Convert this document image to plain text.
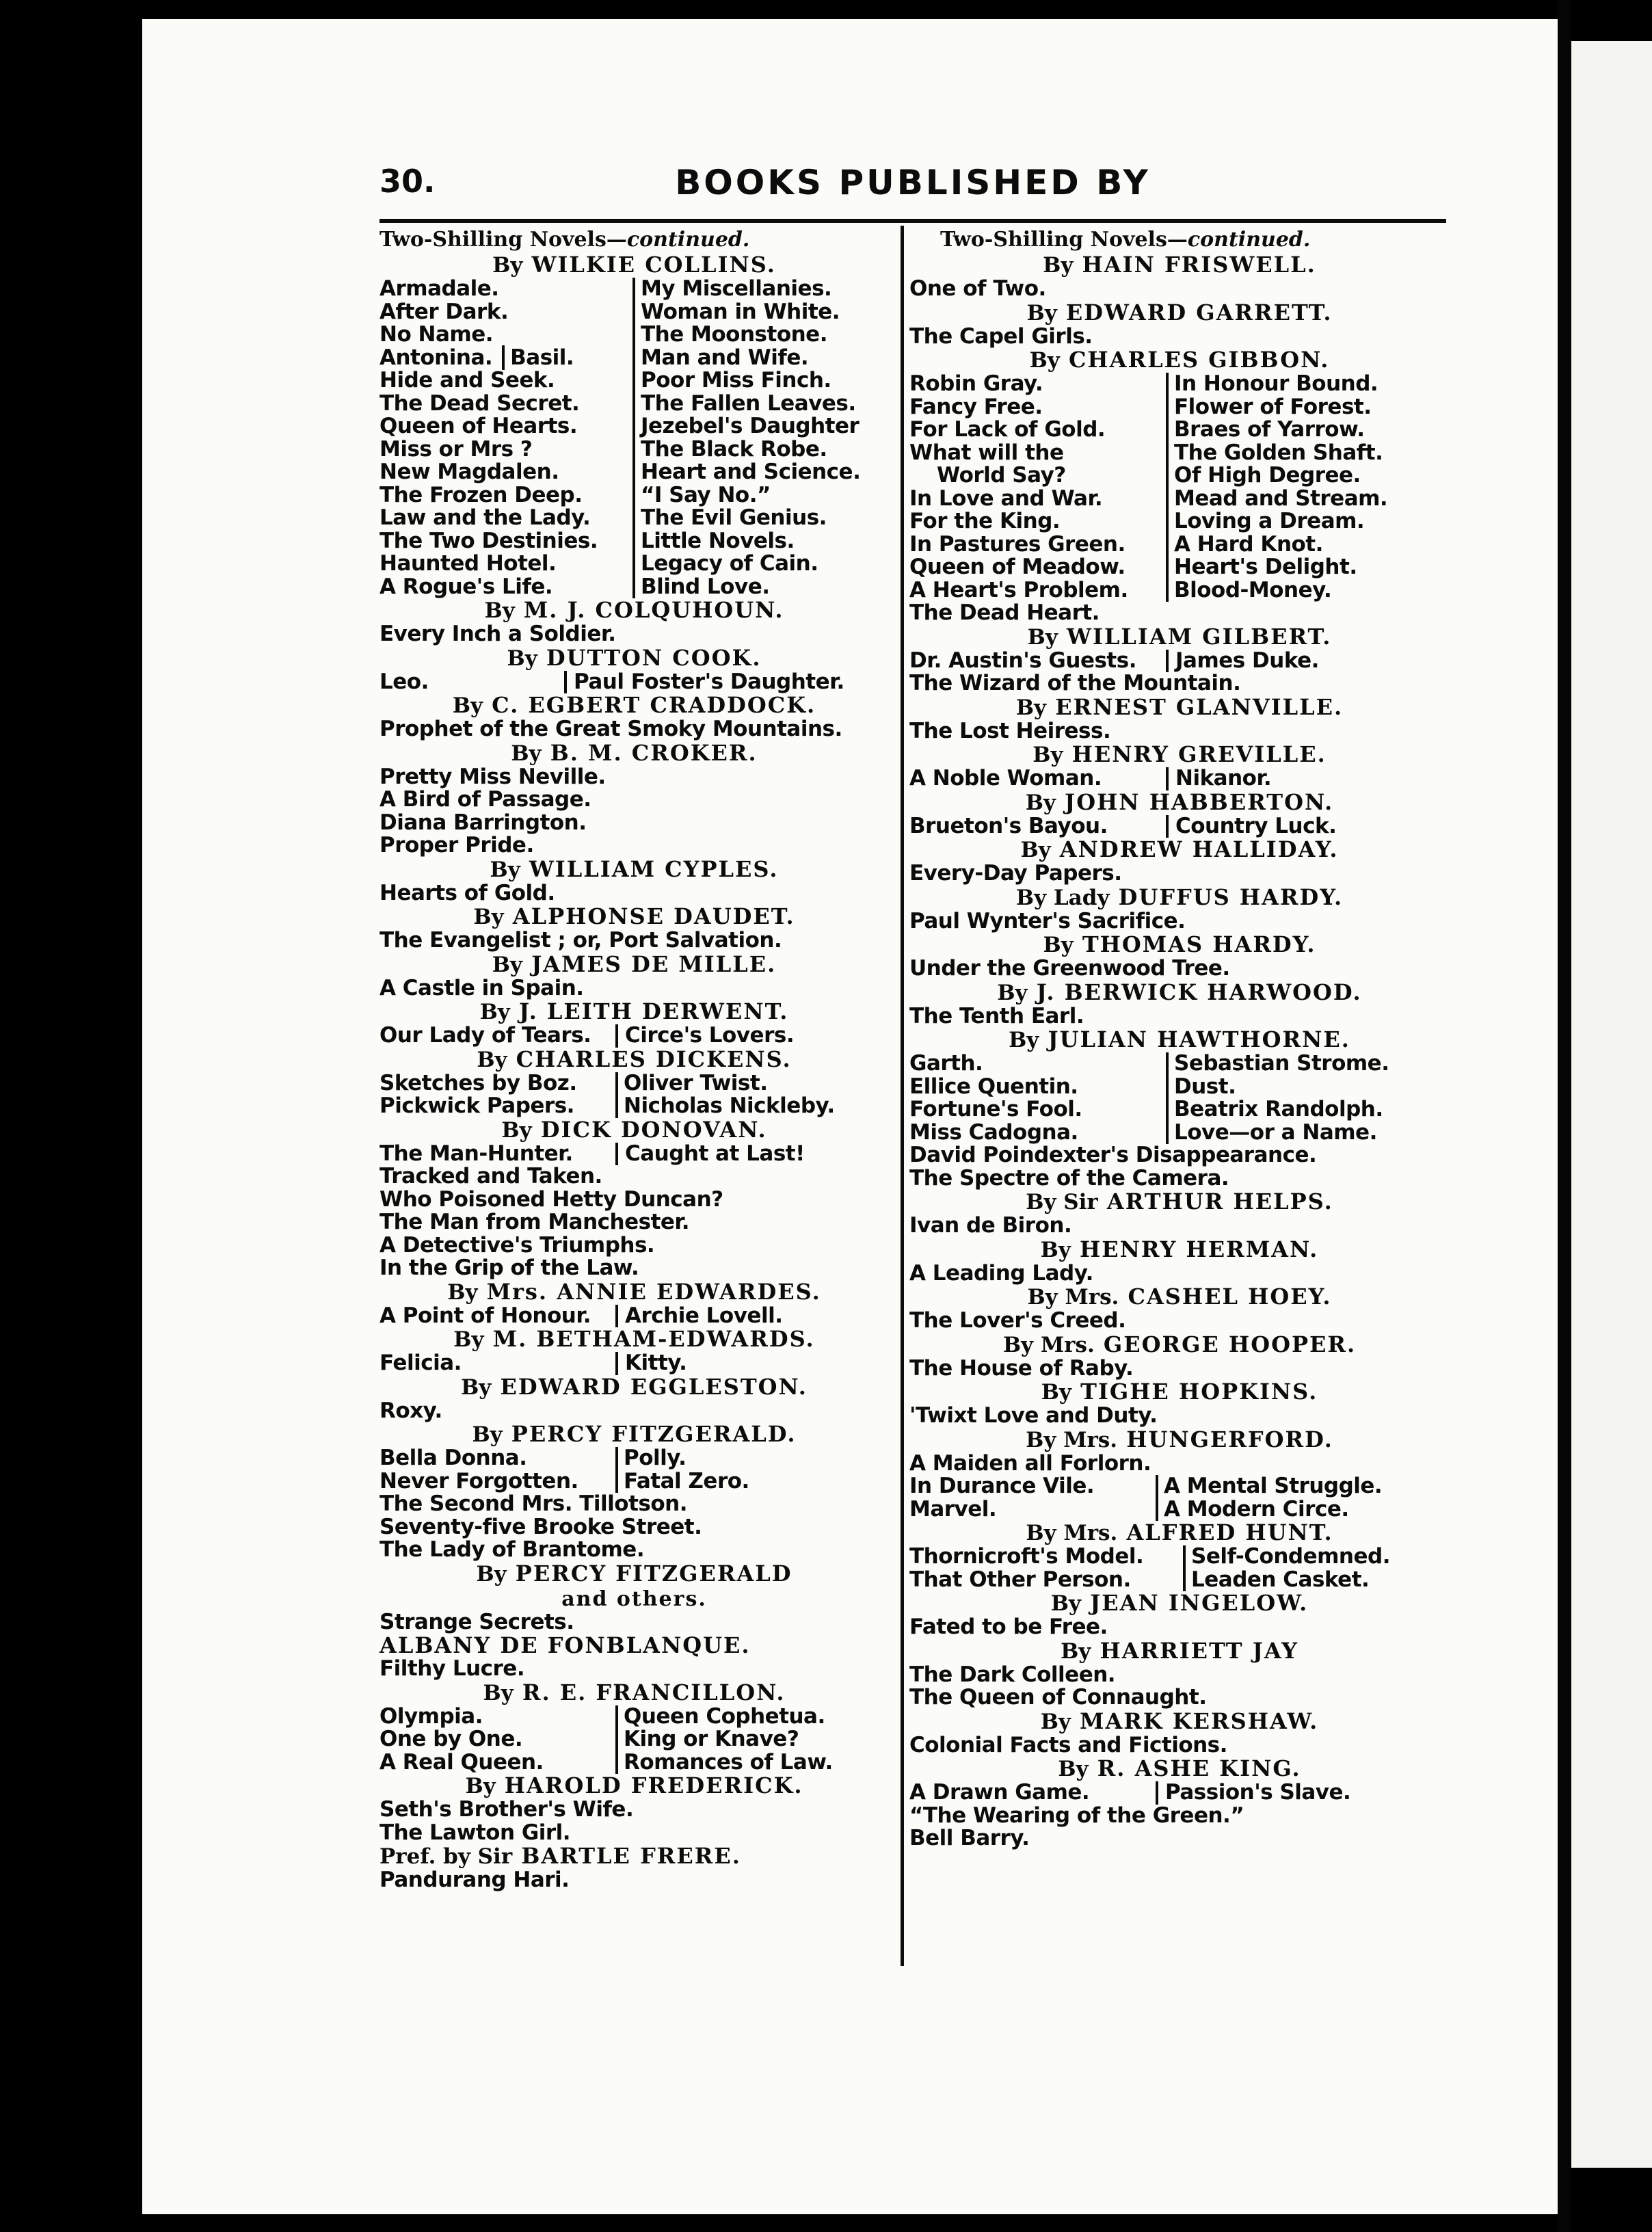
30.	BOOKS PUBLISHED BY
Two-Shilling Novels—continued.
By WILKIE COLLINS.
Armadale.	My Miscellanies.
After Dark.	Woman in White.
No Name.	The Moonstone.
Antonina. Basil.	Man and Wife.
Hide and Seek.	Poor Miss Finch.
The Dead Secret.	The Fallen Leaves.
Queen of Hearts.	Jezebel's Daughter
Miss or Mrs ?	The Black Robe.
New Magdalen.	Heart and Science.
The Frozen Deep.	“I Say No.”
Law and the Lady.	The Evil Genius.
The Two Destinies.	Little Novels.
Haunted Hotel.	Legacy of Cain.
A Rogue's Life.	Blind Love.
By M. J. COLQUHOUN.
Every Inch a Soldier.
By DUTTON COOK.
Leo.	Paul Foster's Daughter.
By C. EGBERT CRADDOCK.
Prophet of the Great Smoky Mountains.
By B. M. CROKER.
Pretty Miss Neville.
A Bird of Passage.
Diana Barrington.
Proper Pride.
By WILLIAM CYPLES.
Hearts of Gold.
By ALPHONSE DAUDET.
The Evangelist ; or, Port Salvation.
By JAMES DE MILLE.
A Castle in Spain.
By J. LEITH DERWENT.
Our Lady of Tears.	Circe's Lovers.
By CHARLES DICKENS.
Sketches by Boz.	Oliver Twist.
Pickwick Papers.	Nicholas Nickleby.
By DICK DONOVAN.
The Man-Hunter.	Caught at Last!
Tracked and Taken.
Who Poisoned Hetty Duncan?
The Man from Manchester.
A Detective's Triumphs.
In the Grip of the Law.
By Mrs. ANNIE EDWARDES.
A Point of Honour.	Archie Lovell.
By M. BETHAM-EDWARDS.
Felicia.	Kitty.
By EDWARD EGGLESTON.
Roxy.
By PERCY FITZGERALD.
Bella Donna.	Polly.
Never Forgotten.	Fatal Zero.
The Second Mrs. Tillotson.
Seventy-five Brooke Street.
The Lady of Brantome.
By PERCY FITZGERALD
and others.
Strange Secrets.
ALBANY DE FONBLANQUE.
Filthy Lucre.
By R. E. FRANCILLON.
Olympia.	Queen Cophetua.
One by One.	King or Knave?
A Real Queen.	Romances of Law.
By HAROLD FREDERICK.
Seth's Brother's Wife.
The Lawton Girl.
Pref. by Sir BARTLE FRERE.
Pandurang Hari.
Two-Shilling Novels—continued.
By HAIN FRISWELL.
One of Two.
By EDWARD GARRETT.
The Capel Girls.
By CHARLES GIBBON.
Robin Gray.	In Honour Bound.
Fancy Free.	Flower of Forest.
For Lack of Gold.	Braes of Yarrow.
What will the	The Golden Shaft.
World Say?	Of High Degree.
In Love and War.	Mead and Stream.
For the King.	Loving a Dream.
In Pastures Green.	A Hard Knot.
Queen of Meadow.	Heart's Delight.
A Heart's Problem.	Blood-Money.
The Dead Heart.
By WILLIAM GILBERT.
Dr. Austin's Guests.	James Duke.
The Wizard of the Mountain.
By ERNEST GLANVILLE.
The Lost Heiress.
By HENRY GREVILLE.
A Noble Woman.	Nikanor.
By JOHN HABBERTON.
Brueton's Bayou.	Country Luck.
By ANDREW HALLIDAY.
Every-Day Papers.
By Lady DUFFUS HARDY.
Paul Wynter's Sacrifice.
By THOMAS HARDY.
Under the Greenwood Tree.
By J. BERWICK HARWOOD.
The Tenth Earl.
By JULIAN HAWTHORNE.
Garth.	Sebastian Strome.
Ellice Quentin.	Dust.
Fortune's Fool.	Beatrix Randolph.
Miss Cadogna.	Love—or a Name.
David Poindexter's Disappearance.
The Spectre of the Camera.
By Sir ARTHUR HELPS.
Ivan de Biron.
By HENRY HERMAN.
A Leading Lady.
By Mrs. CASHEL HOEY.
The Lover's Creed.
By Mrs. GEORGE HOOPER.
The House of Raby.
By TIGHE HOPKINS.
'Twixt Love and Duty.
By Mrs. HUNGERFORD.
A Maiden all Forlorn.
In Durance Vile.	A Mental Struggle.
Marvel.	A Modern Circe.
By Mrs. ALFRED HUNT.
Thornicroft's Model.	Self-Condemned.
That Other Person.	Leaden Casket.
By JEAN INGELOW.
Fated to be Free.
By HARRIETT JAY
The Dark Colleen.
The Queen of Connaught.
By MARK KERSHAW.
Colonial Facts and Fictions.
By R. ASHE KING.
A Drawn Game.	Passion's Slave.
“The Wearing of the Green.”
Bell Barry.
